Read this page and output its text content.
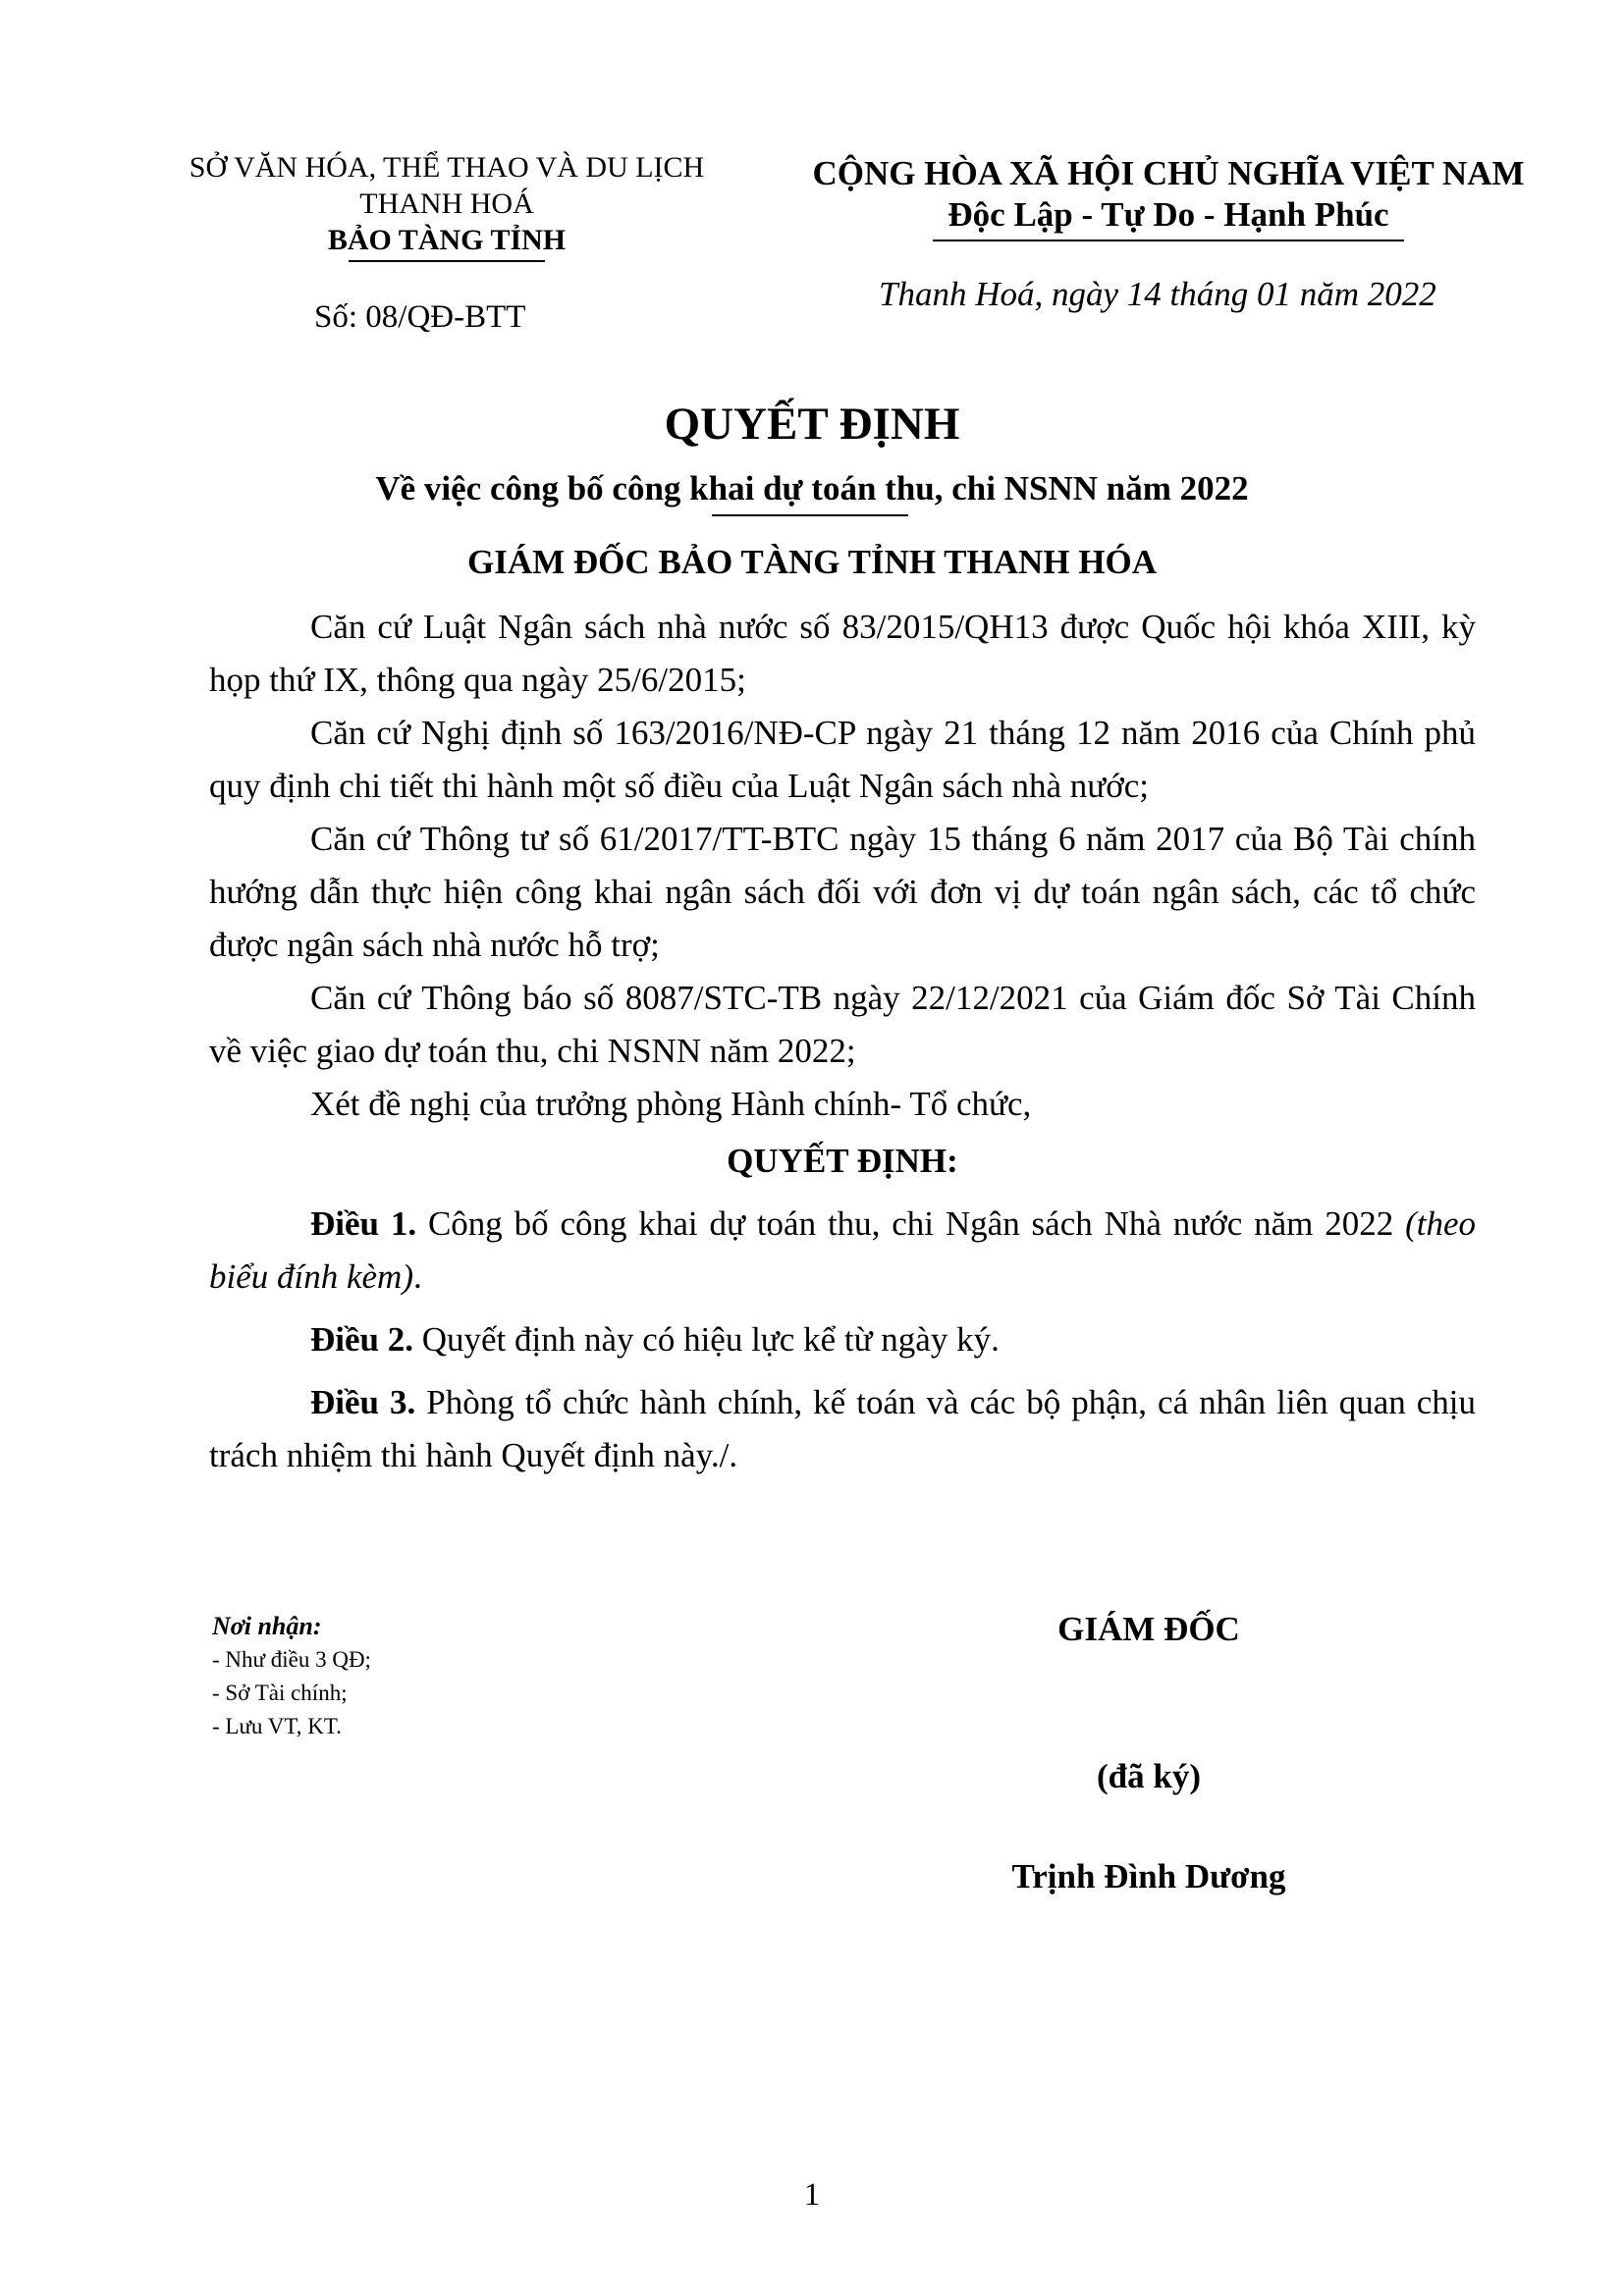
SỞ VĂN HÓA, THỂ THAO VÀ DU LỊCH
THANH HOÁ
BẢO TÀNG TỈNH
Số: 08/QĐ-BTT
CỘNG HÒA XÃ HỘI CHỦ NGHĨA VIỆT NAM
Độc Lập - Tự Do - Hạnh Phúc
Thanh Hoá, ngày 14 tháng 01 năm 2022
QUYẾT ĐỊNH
Về việc công bố công khai dự toán thu, chi NSNN năm 2022
GIÁM ĐỐC BẢO TÀNG TỈNH THANH HÓA

Căn cứ Luật Ngân sách nhà nước số 83/2015/QH13 được Quốc hội khóa XIII, kỳ họp thứ IX, thông qua ngày 25/6/2015;

Căn cứ Nghị định số 163/2016/NĐ-CP ngày 21 tháng 12 năm 2016 của Chính phủ quy định chi tiết thi hành một số điều của Luật Ngân sách nhà nước;

Căn cứ Thông tư số 61/2017/TT-BTC ngày 15 tháng 6 năm 2017 của Bộ Tài chính hướng dẫn thực hiện công khai ngân sách đối với đơn vị dự toán ngân sách, các tổ chức được ngân sách nhà nước hỗ trợ;

Căn cứ Thông báo số 8087/STC-TB ngày 22/12/2021 của Giám đốc Sở Tài Chính về việc giao dự toán thu, chi NSNN năm 2022;

Xét đề nghị của trưởng phòng Hành chính- Tổ chức,

QUYẾT ĐỊNH:

Điều 1. Công bố công khai dự toán thu, chi Ngân sách Nhà nước năm 2022 (theo biểu đính kèm).

Điều 2. Quyết định này có hiệu lực kể từ ngày ký.

Điều 3. Phòng tổ chức hành chính, kế toán và các bộ phận, cá nhân liên quan chịu trách nhiệm thi hành Quyết định này./.

Nơi nhận:
- Như điều 3 QĐ;
- Sở Tài chính;
- Lưu VT, KT.
GIÁM ĐỐC
(đã ký)
Trịnh Đình Dương
1
